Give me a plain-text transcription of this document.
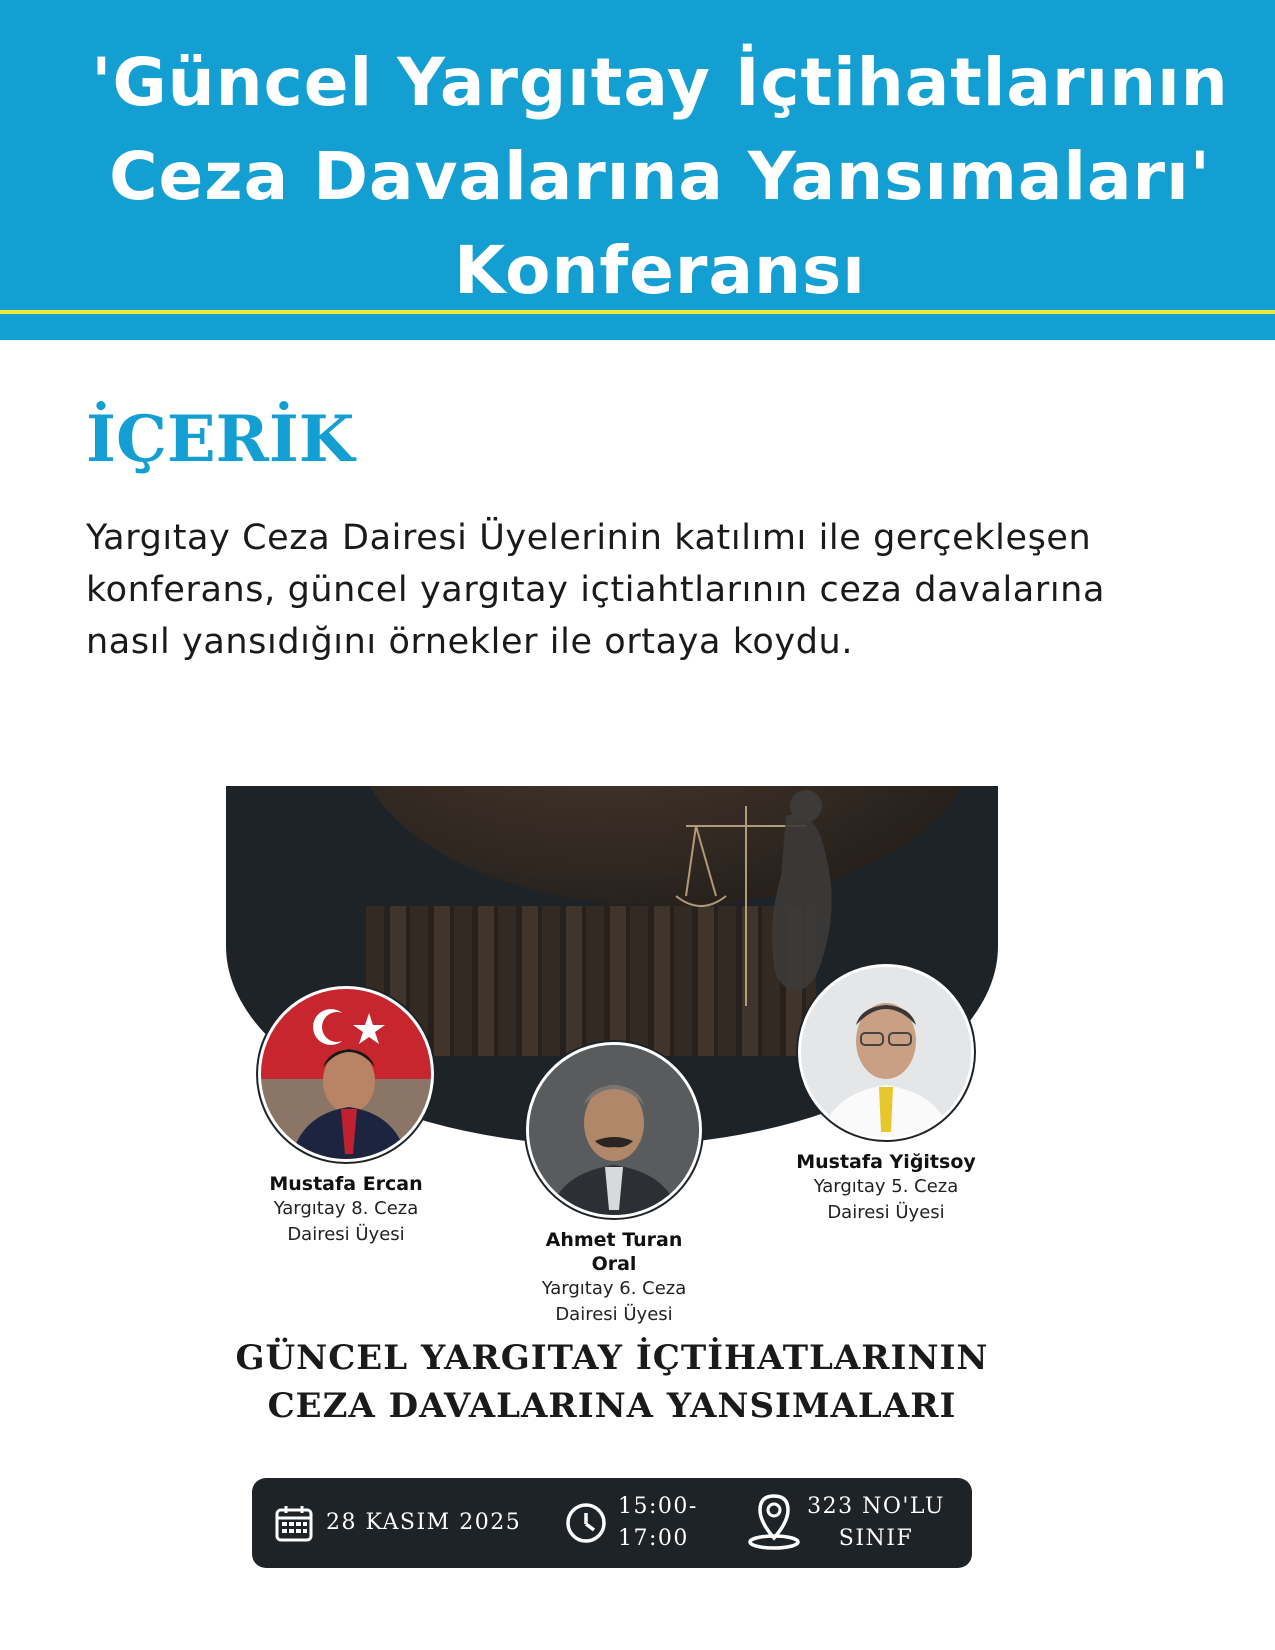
'Güncel Yargıtay İçtihatlarının
Ceza Davalarına Yansımaları'
Konferansı
İÇERİK

Yargıtay Ceza Dairesi Üyelerinin katılımı ile gerçekleşen konferans, güncel yargıtay içtiahtlarının ceza davalarına nasıl yansıdığını örnekler ile ortaya koydu.

Mustafa Ercan
Yargıtay 8. Ceza
Dairesi Üyesi	Ahmet Turan Oral
Yargıtay 6. Ceza
Dairesi Üyesi
Mustafa Yiğitsoy
Yargıtay 5. Ceza
Dairesi Üyesi
GÜNCEL YARGITAY İÇTİHATLARININ
CEZA DAVALARINA YANSIMALARI
28 KASIM 2025
15:00-
17:00
323 NO'LU
SINIF
